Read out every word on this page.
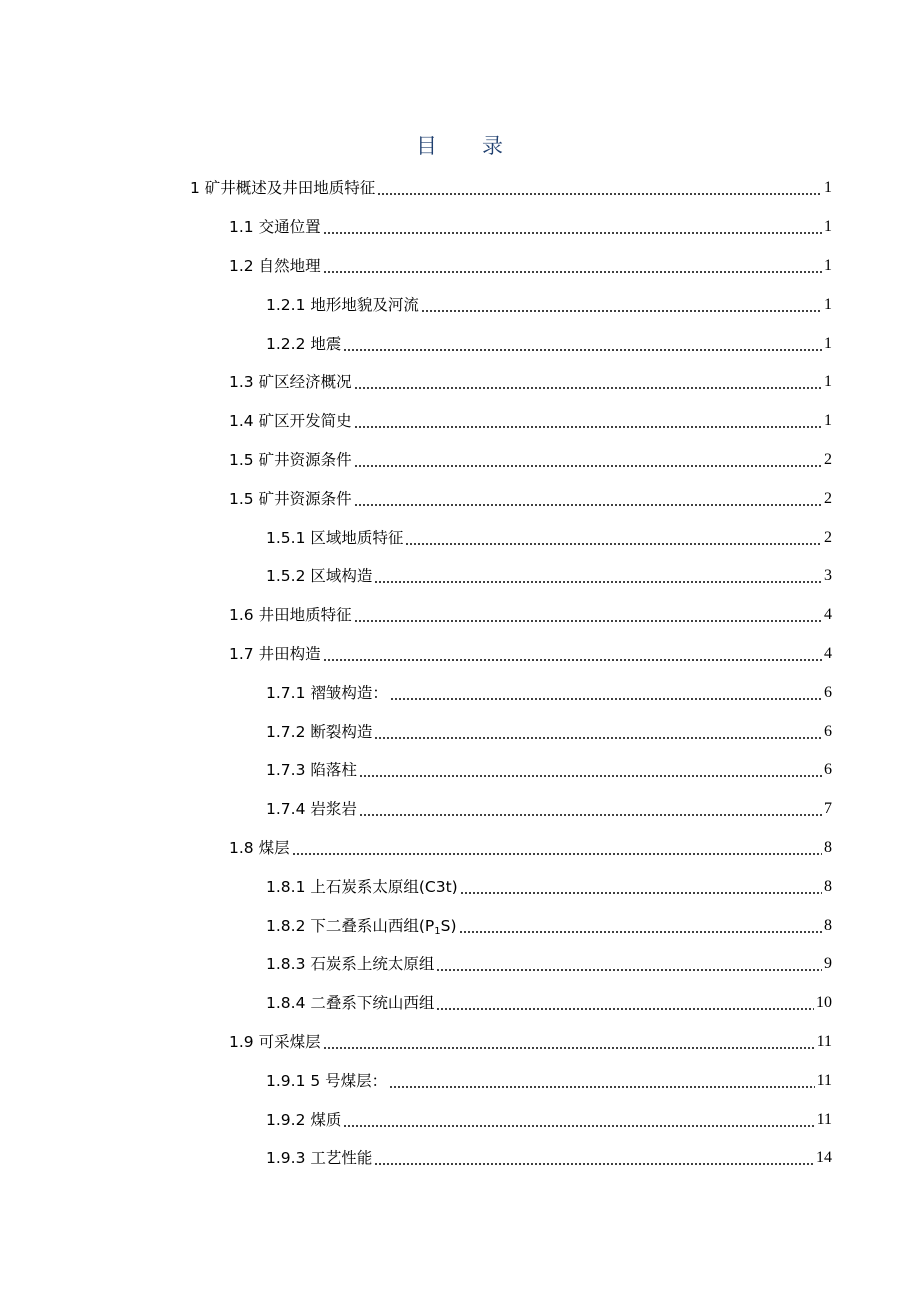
目　　录
1 矿井概述及井田地质特征	1
1.1 交通位置	1
1.2 自然地理	1
1.2.1 地形地貌及河流	1
1.2.2 地震	1
1.3 矿区经济概况	1
1.4 矿区开发简史	1
1.5 矿井资源条件	2
1.5 矿井资源条件	2
1.5.1 区域地质特征	2
1.5.2 区域构造	3
1.6 井田地质特征	4
1.7 井田构造	4
1.7.1 褶皱构造：	6
1.7.2 断裂构造	6
1.7.3 陷落柱	6
1.7.4 岩浆岩	7
1.8 煤层	8
1.8.1 上石炭系太原组(C3t)	8
1.8.2 下二叠系山西组$(P_1S)$	8
1.8.3 石炭系上统太原组	9
1.8.4 二叠系下统山西组	10
1.9 可采煤层	11
1.9.1 5 号煤层：	11
1.9.2 煤质	11
1.9.3 工艺性能	14
